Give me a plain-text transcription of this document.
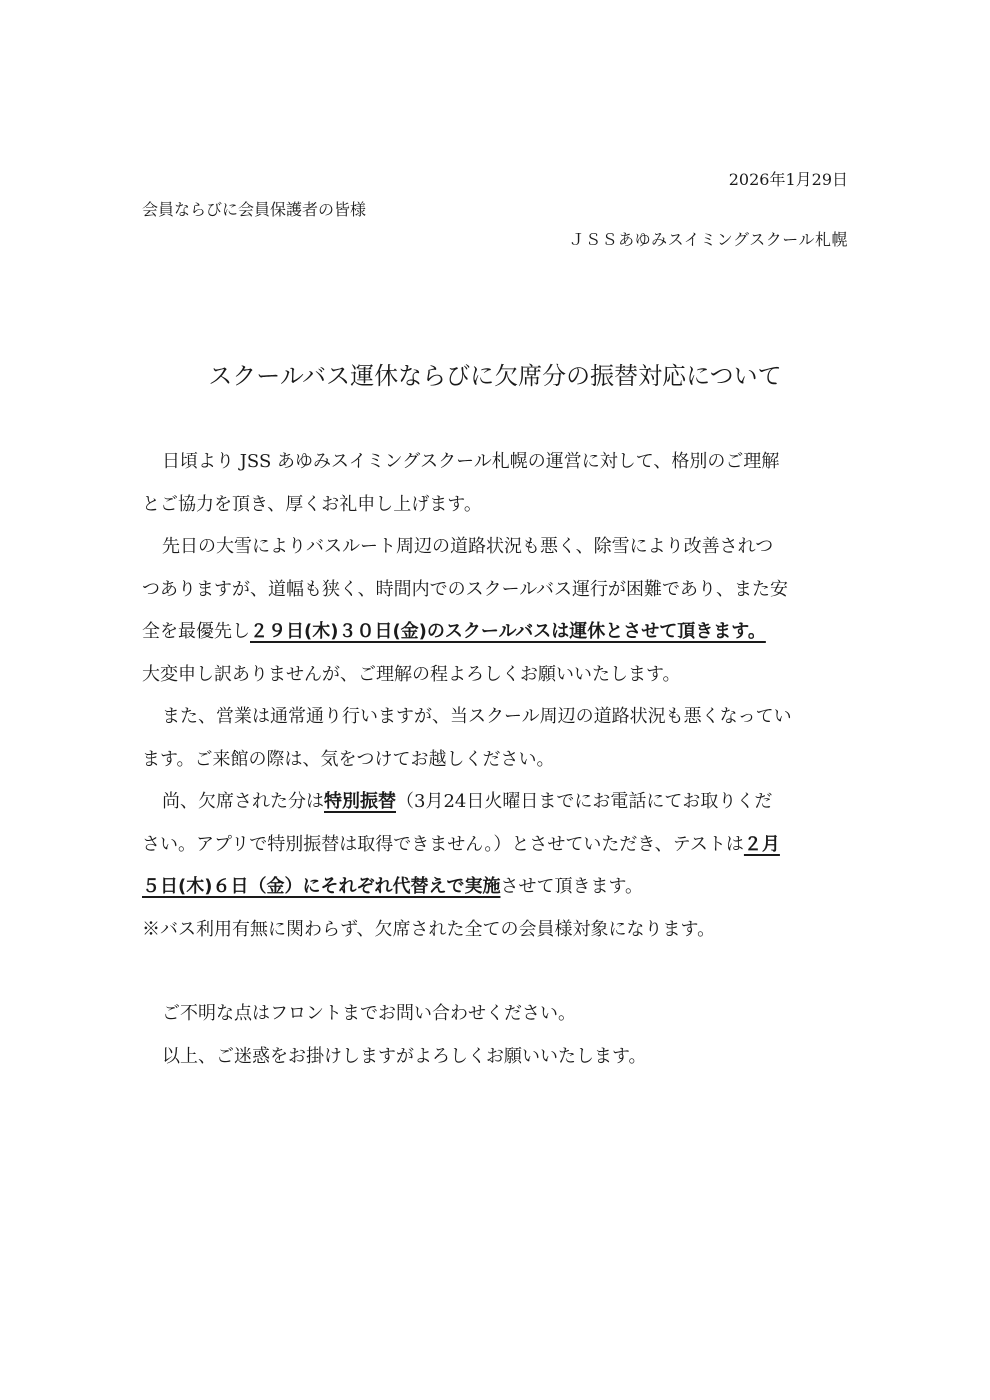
2026年1月29日
会員ならびに会員保護者の皆様
ＪＳＳあゆみスイミングスクール札幌
スクールバス運休ならびに欠席分の振替対応について
日頃より JSS あゆみスイミングスクール札幌の運営に対して、格別のご理解
とご協力を頂き、厚くお礼申し上げます。
先日の大雪によりバスルート周辺の道路状況も悪く、除雪により改善されつ
つありますが、道幅も狭く、時間内でのスクールバス運行が困難であり、また安
全を最優先し２９日(木)３０日(金)のスクールバスは運休とさせて頂きます。
大変申し訳ありませんが、ご理解の程よろしくお願いいたします。
また、営業は通常通り行いますが、当スクール周辺の道路状況も悪くなってい
ます。ご来館の際は、気をつけてお越しください。
尚、欠席された分は特別振替（3月24日火曜日までにお電話にてお取りくだ
さい。アプリで特別振替は取得できません。）とさせていただき、テストは２月
５日(木)６日（金）にそれぞれ代替えで実施させて頂きます。
※バス利用有無に関わらず、欠席された全ての会員様対象になります。
ご不明な点はフロントまでお問い合わせください。
以上、ご迷惑をお掛けしますがよろしくお願いいたします。
